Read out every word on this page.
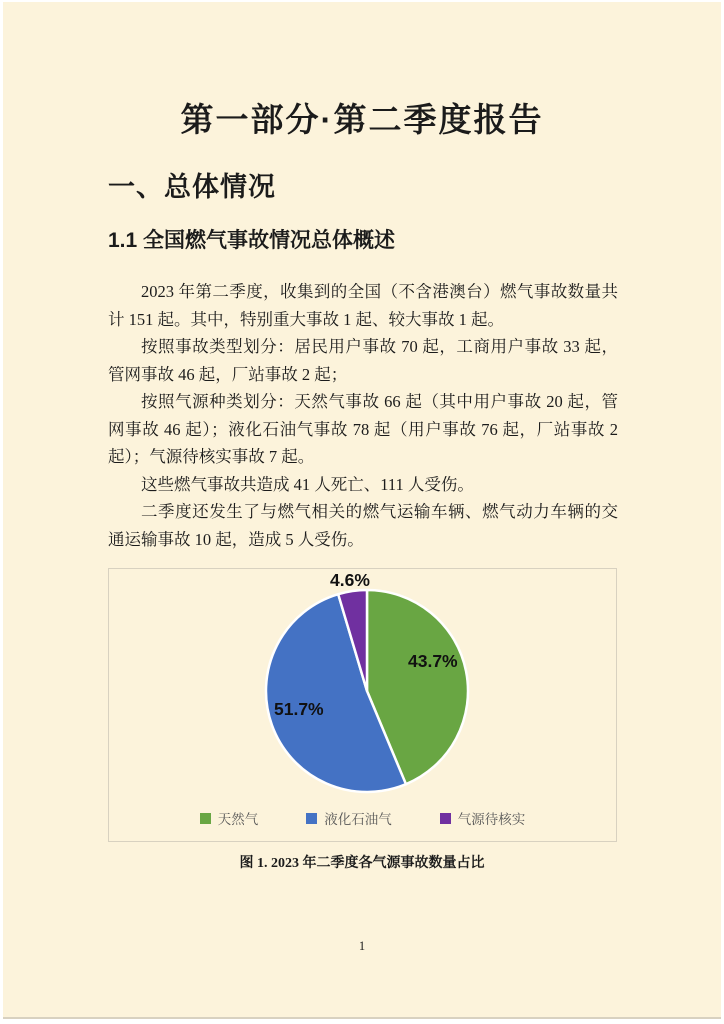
第一部分·第二季度报告
一、总体情况
1.1 全国燃气事故情况总体概述

2023 年第二季度，收集到的全国（不含港澳台）燃气事故数量共计 151 起。其中，特别重大事故 1 起、较大事故 1 起。

按照事故类型划分：居民用户事故 70 起，工商用户事故 33 起，管网事故 46 起，厂站事故 2 起；

按照气源种类划分：天然气事故 66 起（其中用户事故 20 起，管网事故 46 起）；液化石油气事故 78 起（用户事故 76 起，厂站事故 2 起）；气源待核实事故 7 起。

这些燃气事故共造成 41 人死亡、111 人受伤。

二季度还发生了与燃气相关的燃气运输车辆、燃气动力车辆的交通运输事故 10 起，造成 5 人受伤。

43.7%
51.7%
4.6%
天然气	液化石油气	气源待核实
图 1. 2023 年二季度各气源事故数量占比
1
